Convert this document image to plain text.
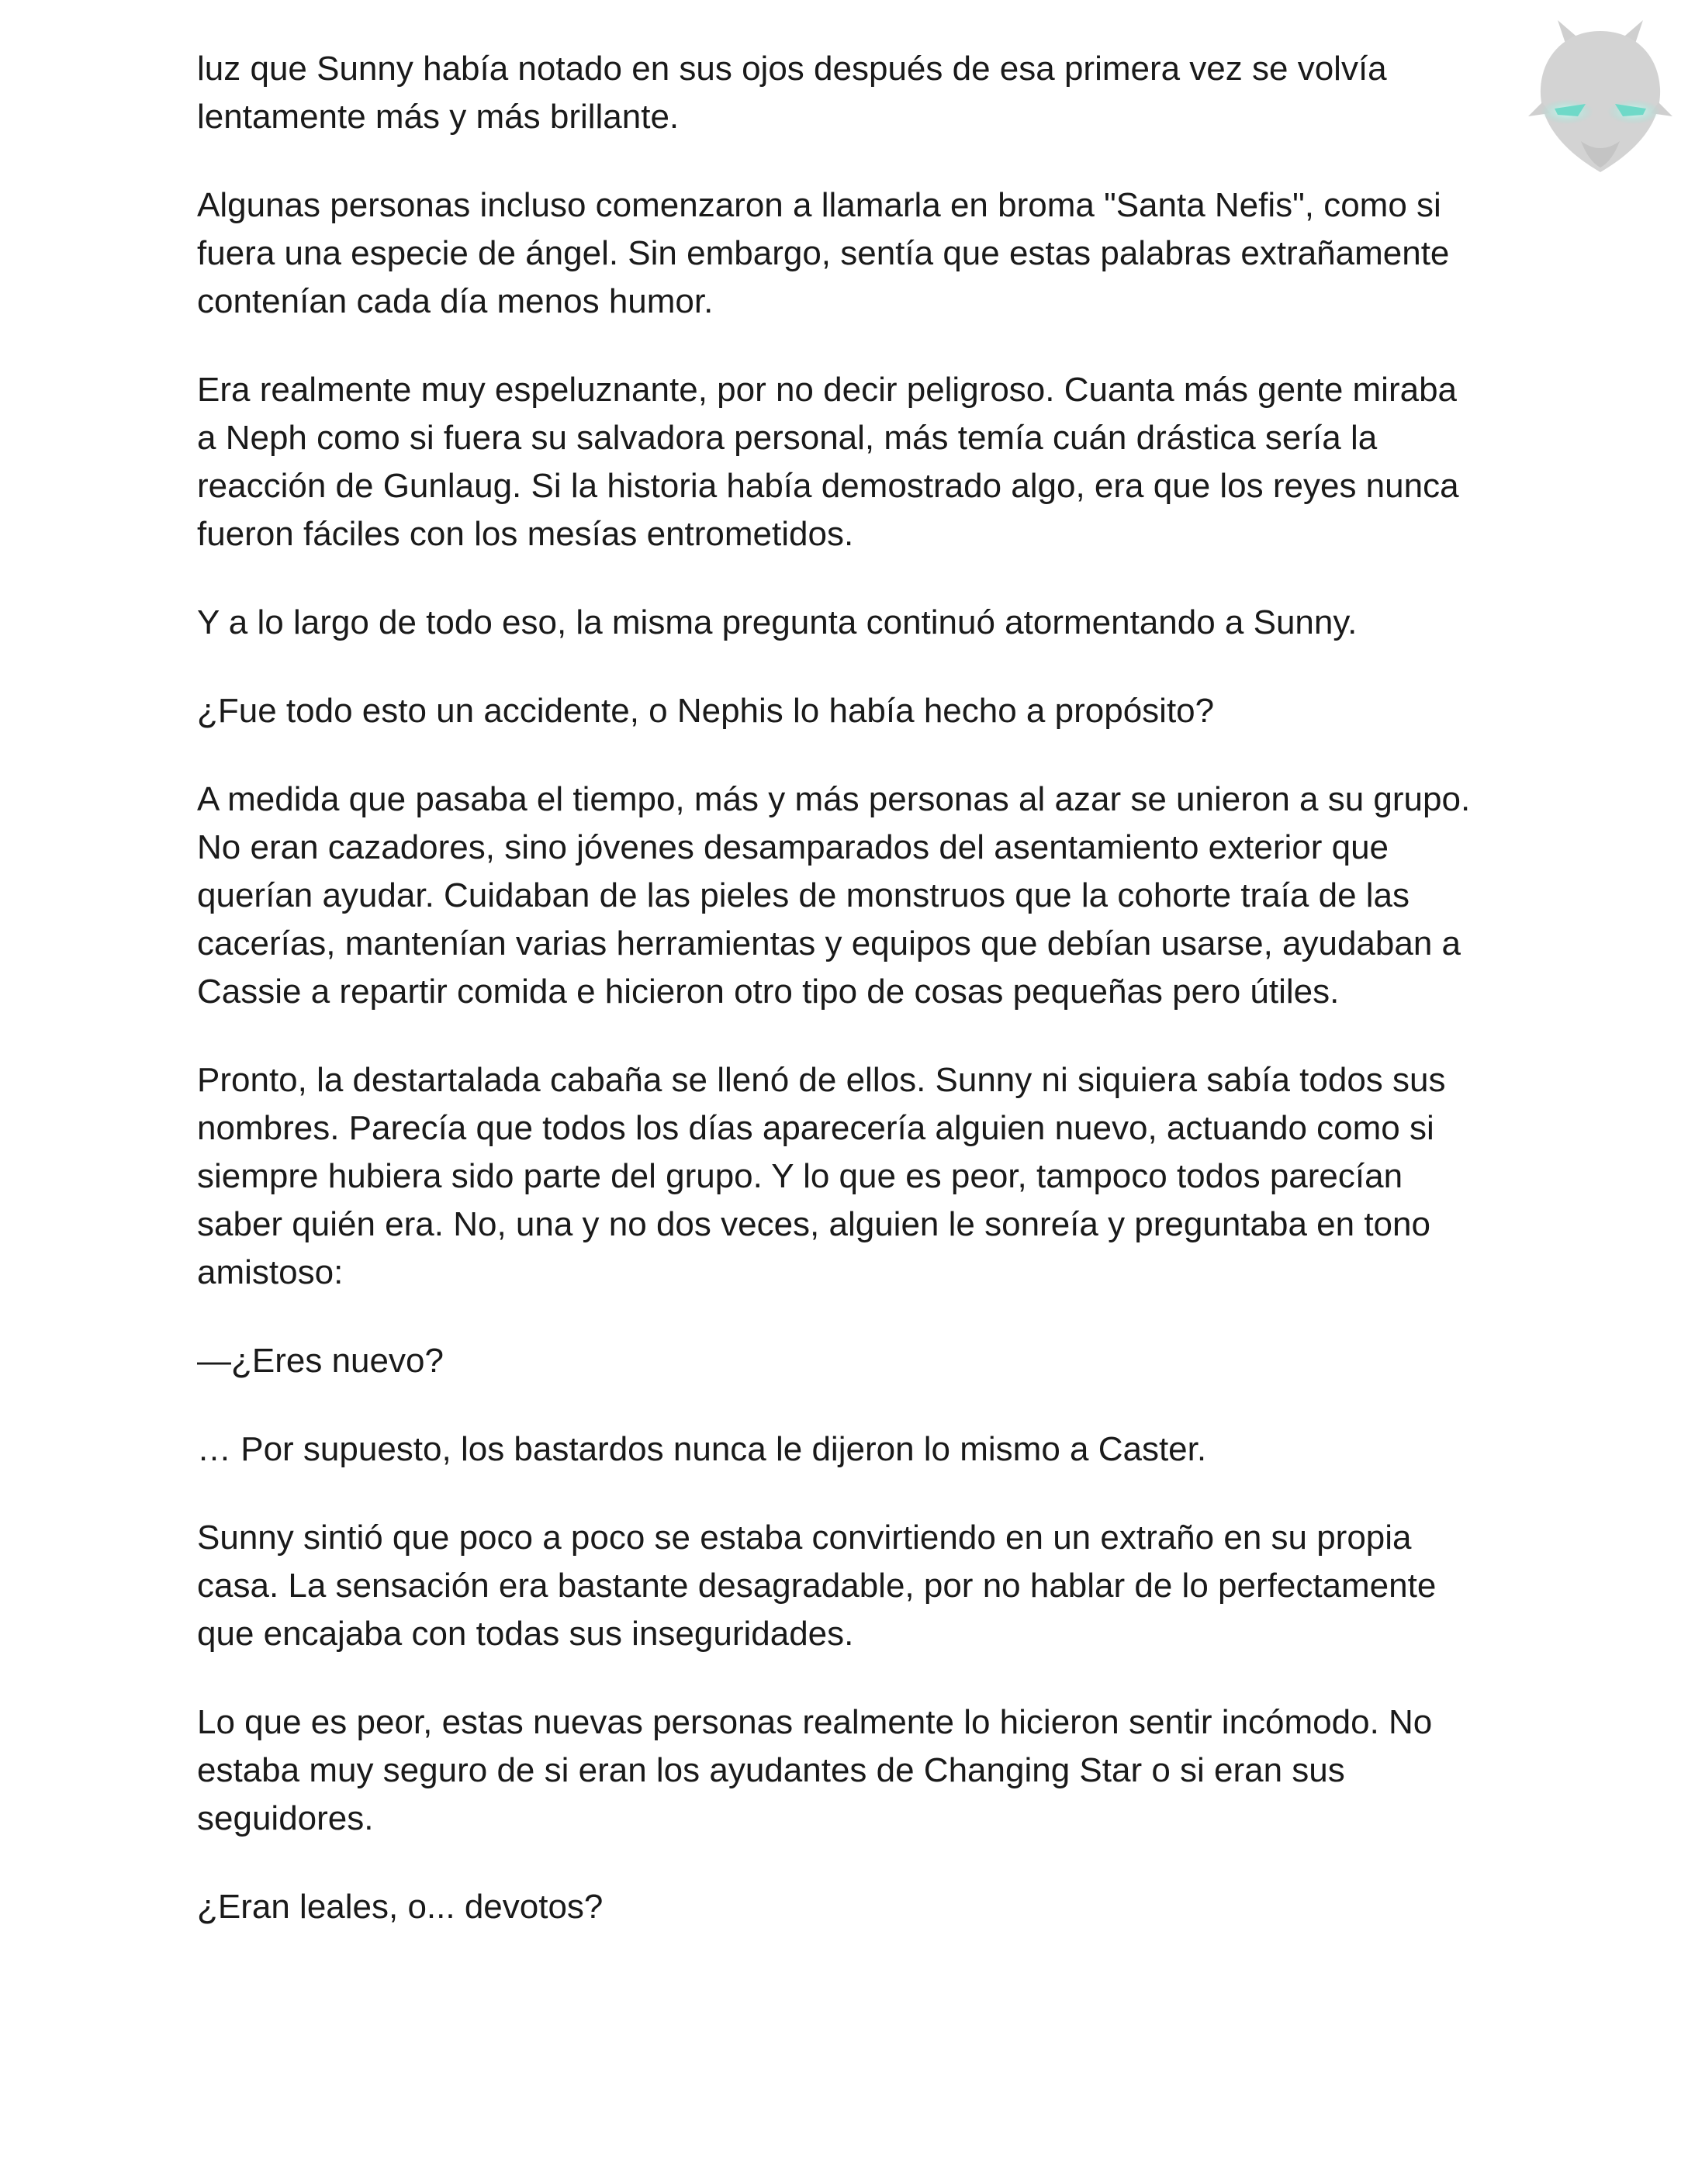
luz que Sunny había notado en sus ojos después de esa primera vez se volvía lentamente más y más brillante.

Algunas personas incluso comenzaron a llamarla en broma "Santa Nefis", como si fuera una especie de ángel. Sin embargo, sentía que estas palabras extrañamente contenían cada día menos humor.

Era realmente muy espeluznante, por no decir peligroso. Cuanta más gente miraba a Neph como si fuera su salvadora personal, más temía cuán drástica sería la reacción de Gunlaug. Si la historia había demostrado algo, era que los reyes nunca fueron fáciles con los mesías entrometidos.

Y a lo largo de todo eso, la misma pregunta continuó atormentando a Sunny.

¿Fue todo esto un accidente, o Nephis lo había hecho a propósito?

A medida que pasaba el tiempo, más y más personas al azar se unieron a su grupo. No eran cazadores, sino jóvenes desamparados del asentamiento exterior que querían ayudar. Cuidaban de las pieles de monstruos que la cohorte traía de las cacerías, mantenían varias herramientas y equipos que debían usarse, ayudaban a Cassie a repartir comida e hicieron otro tipo de cosas pequeñas pero útiles.

Pronto, la destartalada cabaña se llenó de ellos. Sunny ni siquiera sabía todos sus nombres. Parecía que todos los días aparecería alguien nuevo, actuando como si siempre hubiera sido parte del grupo. Y lo que es peor, tampoco todos parecían saber quién era. No, una y no dos veces, alguien le sonreía y preguntaba en tono amistoso:

—¿Eres nuevo?

… Por supuesto, los bastardos nunca le dijeron lo mismo a Caster.

Sunny sintió que poco a poco se estaba convirtiendo en un extraño en su propia casa. La sensación era bastante desagradable, por no hablar de lo perfectamente que encajaba con todas sus inseguridades.

Lo que es peor, estas nuevas personas realmente lo hicieron sentir incómodo. No estaba muy seguro de si eran los ayudantes de Changing Star o si eran sus seguidores.

¿Eran leales, o... devotos?
